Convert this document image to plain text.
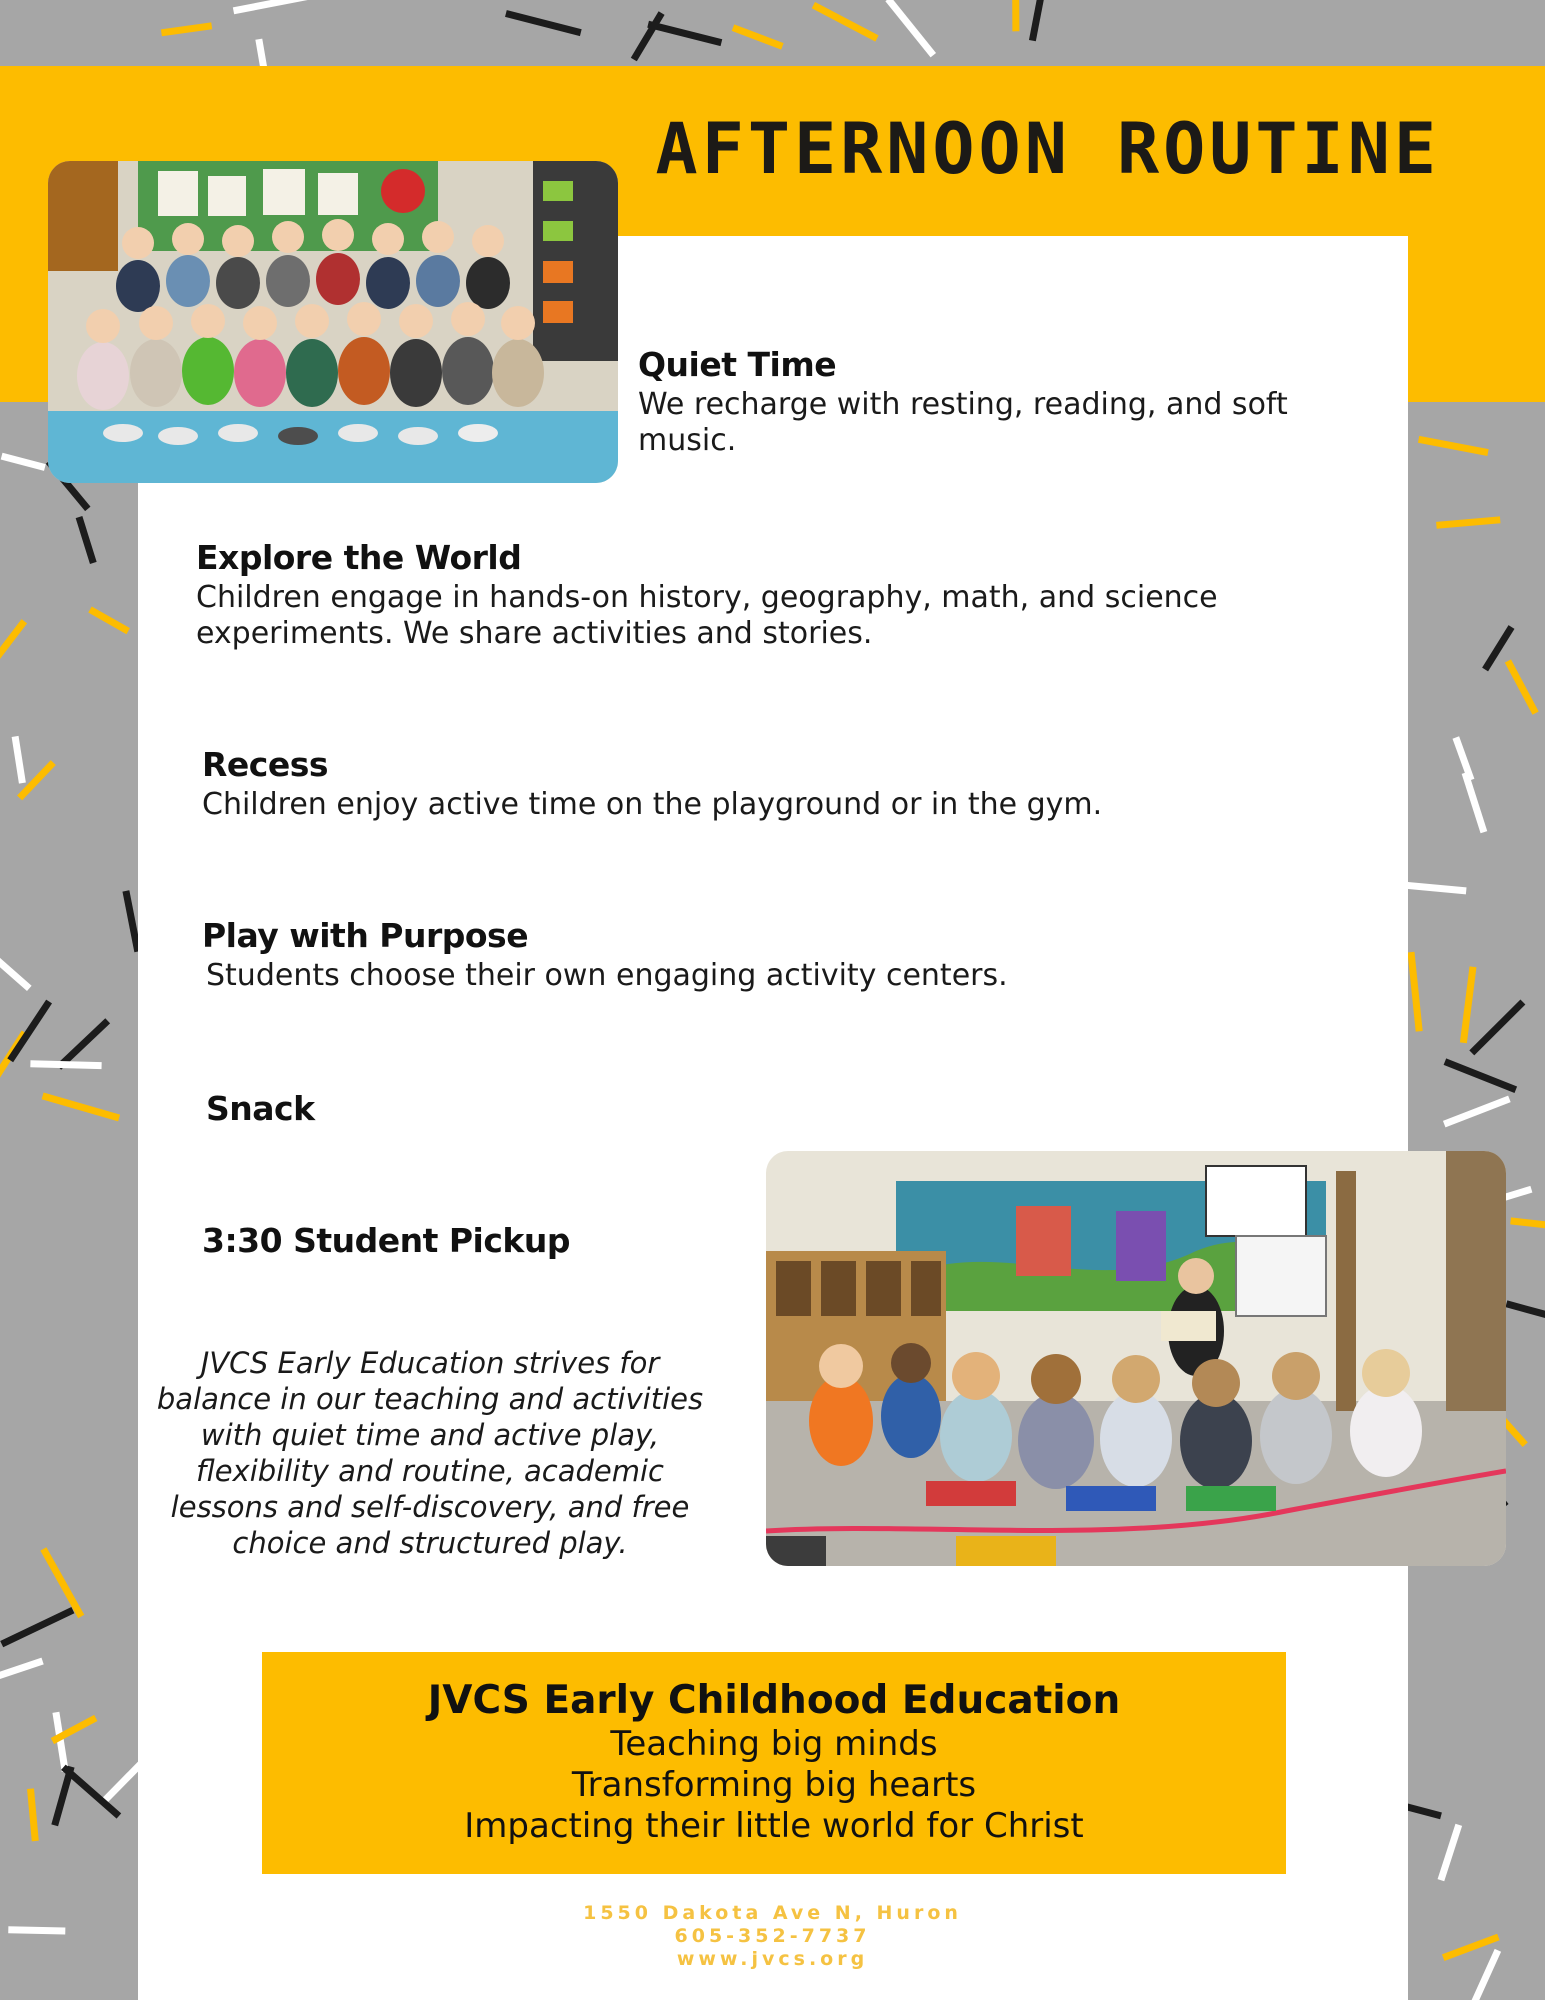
AFTERNOON ROUTINE
Quiet Time

We recharge with resting, reading, and soft music.

Explore the World

Children engage in hands-on history, geography, math, and science experiments. We share activities and stories.

Recess

Children enjoy active time on the playground or in the gym.

Play with Purpose

Students choose their own engaging activity centers.

Snack
3:30 Student Pickup

JVCS Early Education strives for balance in our teaching and activities with quiet time and active play, flexibility and routine, academic lessons and self-discovery, and free choice and structured play.

JVCS Early Childhood Education
Teaching big minds
Transforming big hearts
Impacting their little world for Christ
1550 Dakota Ave N, Huron
605-352-7737
www.jvcs.org
